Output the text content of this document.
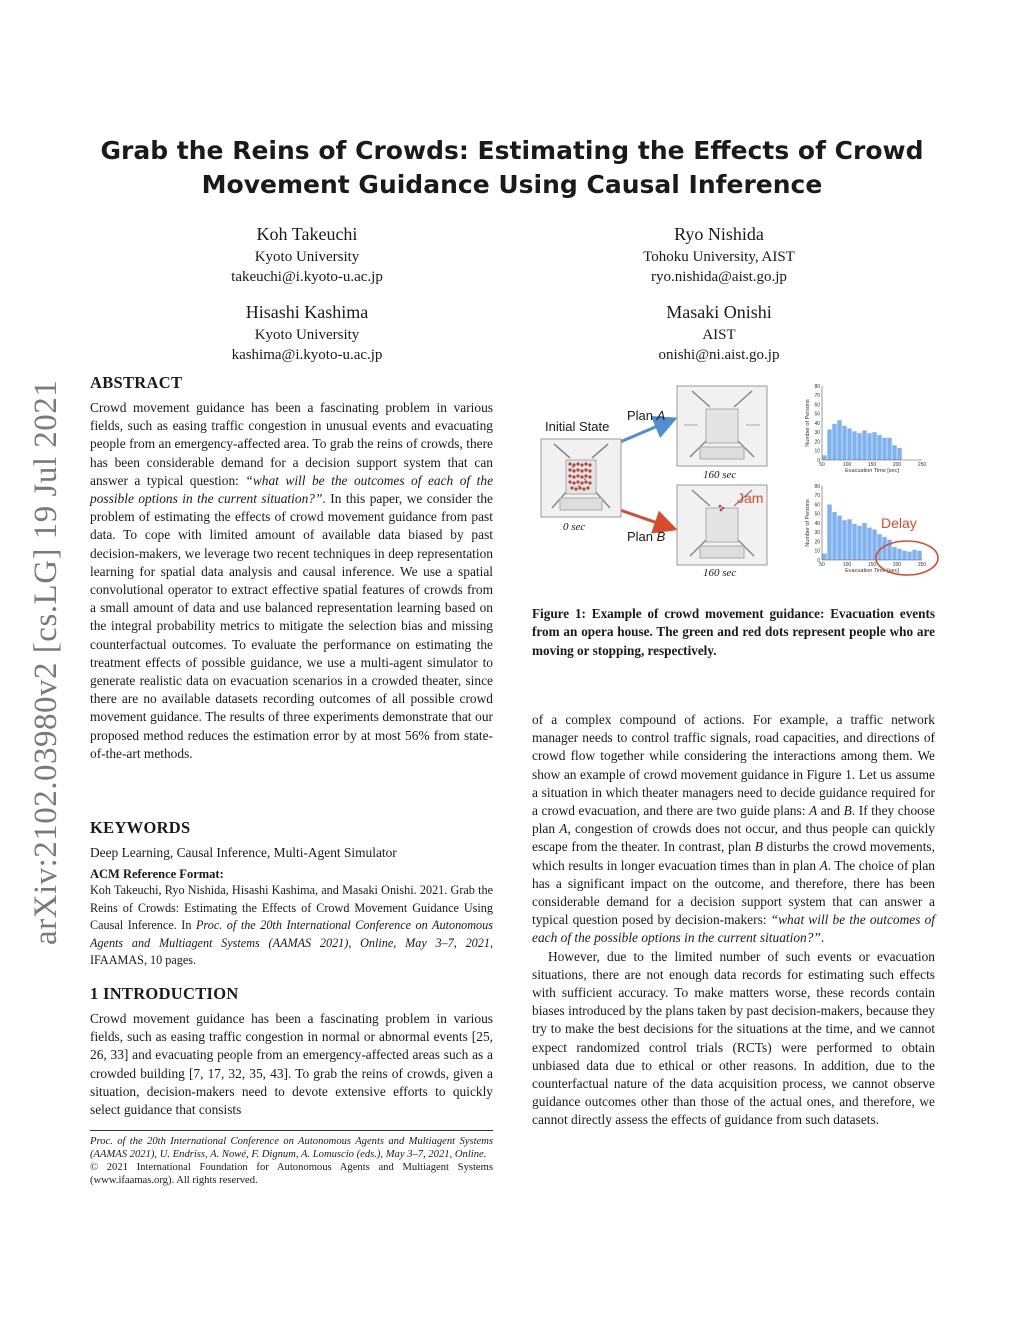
arXiv:2102.03980v2 [cs.LG] 19 Jul 2021
Grab the Reins of Crowds: Estimating the Effects of Crowd
Movement Guidance Using Causal Inference
Koh Takeuchi
Kyoto University
takeuchi@i.kyoto-u.ac.jp
Ryo Nishida
Tohoku University, AIST
ryo.nishida@aist.go.jp
Hisashi Kashima
Kyoto University
kashima@i.kyoto-u.ac.jp
Masaki Onishi
AIST
onishi@ni.aist.go.jp
ABSTRACT

Crowd movement guidance has been a fascinating problem in various fields, such as easing traffic congestion in unusual events and evacuating people from an emergency-affected area. To grab the reins of crowds, there has been considerable demand for a decision support system that can answer a typical question: “what will be the outcomes of each of the possible options in the current situation?”. In this paper, we consider the problem of estimating the effects of crowd movement guidance from past data. To cope with limited amount of available data biased by past decision-makers, we leverage two recent techniques in deep representation learning for spatial data analysis and causal inference. We use a spatial convolutional operator to extract effective spatial features of crowds from a small amount of data and use balanced representation learning based on the integral probability metrics to mitigate the selection bias and missing counterfactual outcomes. To evaluate the performance on estimating the treatment effects of possible guidance, we use a multi-agent simulator to generate realistic data on evacuation scenarios in a crowded theater, since there are no available datasets recording outcomes of all possible crowd movement guidance. The results of three experiments demonstrate that our proposed method reduces the estimation error by at most 56% from state-of-the-art methods.

KEYWORDS

Deep Learning, Causal Inference, Multi-Agent Simulator

ACM Reference Format:

Koh Takeuchi, Ryo Nishida, Hisashi Kashima, and Masaki Onishi. 2021. Grab the Reins of Crowds: Estimating the Effects of Crowd Movement Guidance Using Causal Inference. In Proc. of the 20th International Conference on Autonomous Agents and Multiagent Systems (AAMAS 2021), Online, May 3–7, 2021, IFAAMAS, 10 pages.

1 INTRODUCTION

Crowd movement guidance has been a fascinating problem in various fields, such as easing traffic congestion in normal or abnormal events [25, 26, 33] and evacuating people from an emergency-affected areas such as a crowded building [7, 17, 32, 35, 43]. To grab the reins of crowds, given a situation, decision-makers need to devote extensive efforts to quickly select guidance that consists

Proc. of the 20th International Conference on Autonomous Agents and Multiagent Systems (AAMAS 2021), U. Endriss, A. Nowé, F. Dignum, A. Lomuscio (eds.), May 3–7, 2021, Online.

© 2021 International Foundation for Autonomous Agents and Multiagent Systems (www.ifaamas.org). All rights reserved.

Initial State
0 sec
Plan A
160 sec
Plan B
160 sec
Jam
0
10
20
30
40
50
60
70
80
50	100	150	200	250
Evacuation Time [sec]
Number of Persons
0
10
20
30
40
50
60
70
80
50	100	150	200	250
Evacuation Time [sec]
Number of Persons	Delay

Figure 1: Example of crowd movement guidance: Evacuation events from an opera house. The green and red dots represent people who are moving or stopping, respectively.

of a complex compound of actions. For example, a traffic network manager needs to control traffic signals, road capacities, and directions of crowd flow together while considering the interactions among them. We show an example of crowd movement guidance in Figure 1. Let us assume a situation in which theater managers need to decide guidance required for a crowd evacuation, and there are two guide plans: A and B. If they choose plan A, congestion of crowds does not occur, and thus people can quickly escape from the theater. In contrast, plan B disturbs the crowd movements, which results in longer evacuation times than in plan A. The choice of plan has a significant impact on the outcome, and therefore, there has been considerable demand for a decision support system that can answer a typical question posed by decision-makers: “what will be the outcomes of each of the possible options in the current situation?”.

However, due to the limited number of such events or evacuation situations, there are not enough data records for estimating such effects with sufficient accuracy. To make matters worse, these records contain biases introduced by the plans taken by past decision-makers, because they try to make the best decisions for the situations at the time, and we cannot expect randomized control trials (RCTs) were performed to obtain unbiased data due to ethical or other reasons. In addition, due to the counterfactual nature of the data acquisition process, we cannot observe guidance outcomes other than those of the actual ones, and therefore, we cannot directly assess the effects of guidance from such datasets.
